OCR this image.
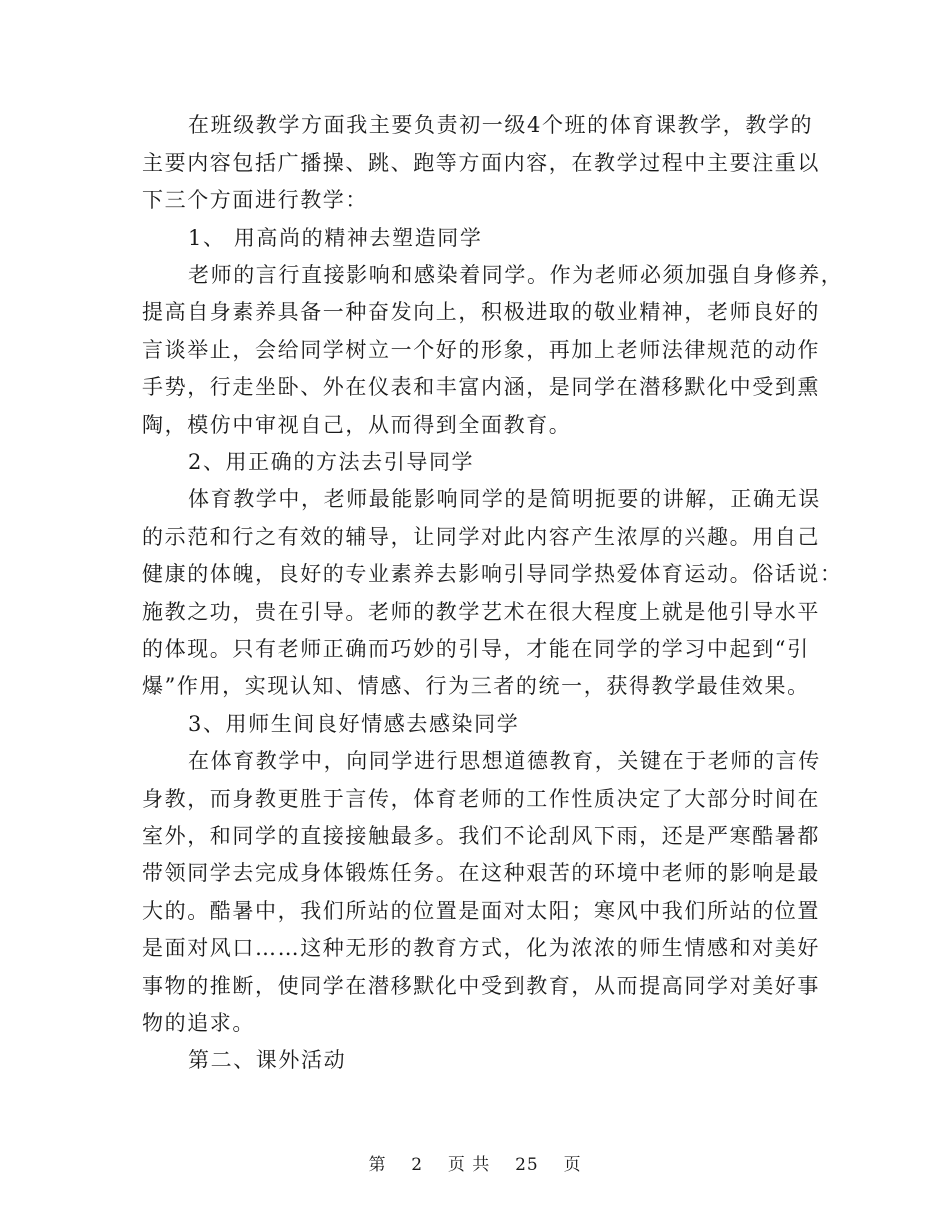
在班级教学方面我主要负责初一级4个班的体育课教学，教学的
主要内容包括广播操、跳、跑等方面内容，在教学过程中主要注重以
下三个方面进行教学：
1、 用高尚的精神去塑造同学
老师的言行直接影响和感染着同学。作为老师必须加强自身修养，
提高自身素养具备一种奋发向上，积极进取的敬业精神，老师良好的
言谈举止，会给同学树立一个好的形象，再加上老师法律规范的动作
手势，行走坐卧、外在仪表和丰富内涵，是同学在潜移默化中受到熏
陶，模仿中审视自己，从而得到全面教育。
2、用正确的方法去引导同学
体育教学中，老师最能影响同学的是简明扼要的讲解，正确无误
的示范和行之有效的辅导，让同学对此内容产生浓厚的兴趣。用自己
健康的体魄，良好的专业素养去影响引导同学热爱体育运动。俗话说：
施教之功，贵在引导。老师的教学艺术在很大程度上就是他引导水平
的体现。只有老师正确而巧妙的引导，才能在同学的学习中起到“引
爆”作用，实现认知、情感、行为三者的统一，获得教学最佳效果。
3、用师生间良好情感去感染同学
在体育教学中，向同学进行思想道德教育，关键在于老师的言传
身教，而身教更胜于言传，体育老师的工作性质决定了大部分时间在
室外，和同学的直接接触最多。我们不论刮风下雨，还是严寒酷暑都
带领同学去完成身体锻炼任务。在这种艰苦的环境中老师的影响是最
大的。酷暑中，我们所站的位置是面对太阳；寒风中我们所站的位置
是面对风口……这种无形的教育方式，化为浓浓的师生情感和对美好
事物的推断，使同学在潜移默化中受到教育，从而提高同学对美好事
物的追求。
第二、课外活动
第 2 页 共 25 页
